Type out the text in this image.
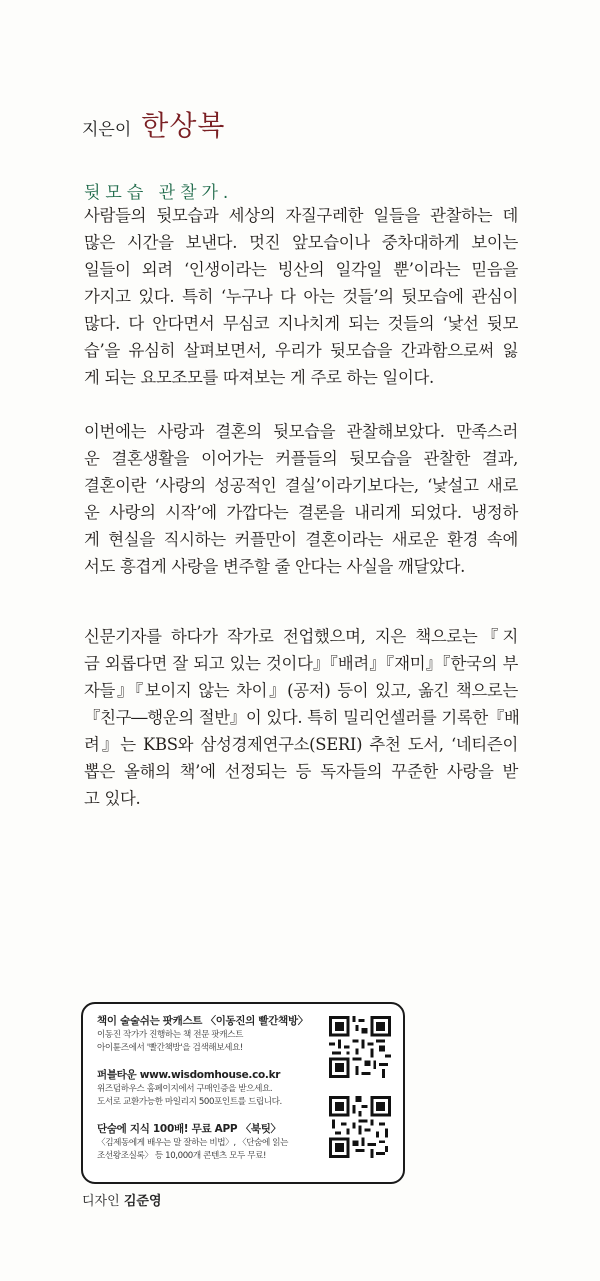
지은이 한상복
뒷모습 관찰가.

사람들의 뒷모습과 세상의 자질구레한 일들을 관찰하는 데
많은 시간을 보낸다. 멋진 앞모습이나 중차대하게 보이는
일들이 외려 ‘인생이라는 빙산의 일각일 뿐’이라는 믿음을
가지고 있다. 특히 ‘누구나 다 아는 것들’의 뒷모습에 관심이
많다. 다 안다면서 무심코 지나치게 되는 것들의 ‘낯선 뒷모
습’을 유심히 살펴보면서, 우리가 뒷모습을 간과함으로써 잃
게 되는 요모조모를 따져보는 게 주로 하는 일이다.

이번에는 사랑과 결혼의 뒷모습을 관찰해보았다. 만족스러
운 결혼생활을 이어가는 커플들의 뒷모습을 관찰한 결과,
결혼이란 ‘사랑의 성공적인 결실’이라기보다는, ‘낯설고 새로
운 사랑의 시작’에 가깝다는 결론을 내리게 되었다. 냉정하
게 현실을 직시하는 커플만이 결혼이라는 새로운 환경 속에
서도 흥겹게 사랑을 변주할 줄 안다는 사실을 깨달았다.

신문기자를 하다가 작가로 전업했으며, 지은 책으로는『지
금 외롭다면 잘 되고 있는 것이다』『배려』『재미』『한국의 부
자들』『보이지 않는 차이』(공저) 등이 있고, 옮긴 책으로는
『친구―행운의 절반』이 있다. 특히 밀리언셀러를 기록한『배
려』는 KBS와 삼성경제연구소(SERI) 추천 도서, ‘네티즌이
뽑은 올해의 책’에 선정되는 등 독자들의 꾸준한 사랑을 받
고 있다.

책이 술술쉬는 팟캐스트 〈이동진의 빨간책방〉
이동진 작가가 진행하는 책 전문 팟캐스트
아이튠즈에서 '빨간책방'을 검색해보세요!
퍼블타운 www.wisdomhouse.co.kr
위즈덤하우스 홈페이지에서 구매인증을 받으세요.
도서로 교환가능한 마일리지 500포인트를 드립니다.
단숨에 지식 100배! 무료 APP 〈북팃〉
〈김제동에게 배우는 말 잘하는 비법〉, 〈단숨에 읽는
조선왕조실록〉 등 10,000개 콘텐츠 모두 무료!
디자인 김준영
